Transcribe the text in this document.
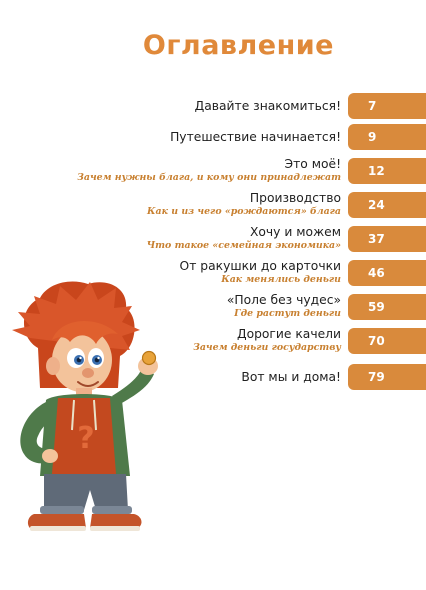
Оглавление
Давайте знакомиться! 7
Путешествие начинается! 9
Это моё!
Зачем нужны блага, и кому они принадлежат 12
Производство
Как и из чего «рождаются» блага 24
Хочу и можем
Что такое «семейная экономика» 37
От ракушки до карточки
Как менялись деньги 46
«Поле без чудес»
Где растут деньги 59
Дорогие качели
Зачем деньги государству 70
Вот мы и дома! 79
?
